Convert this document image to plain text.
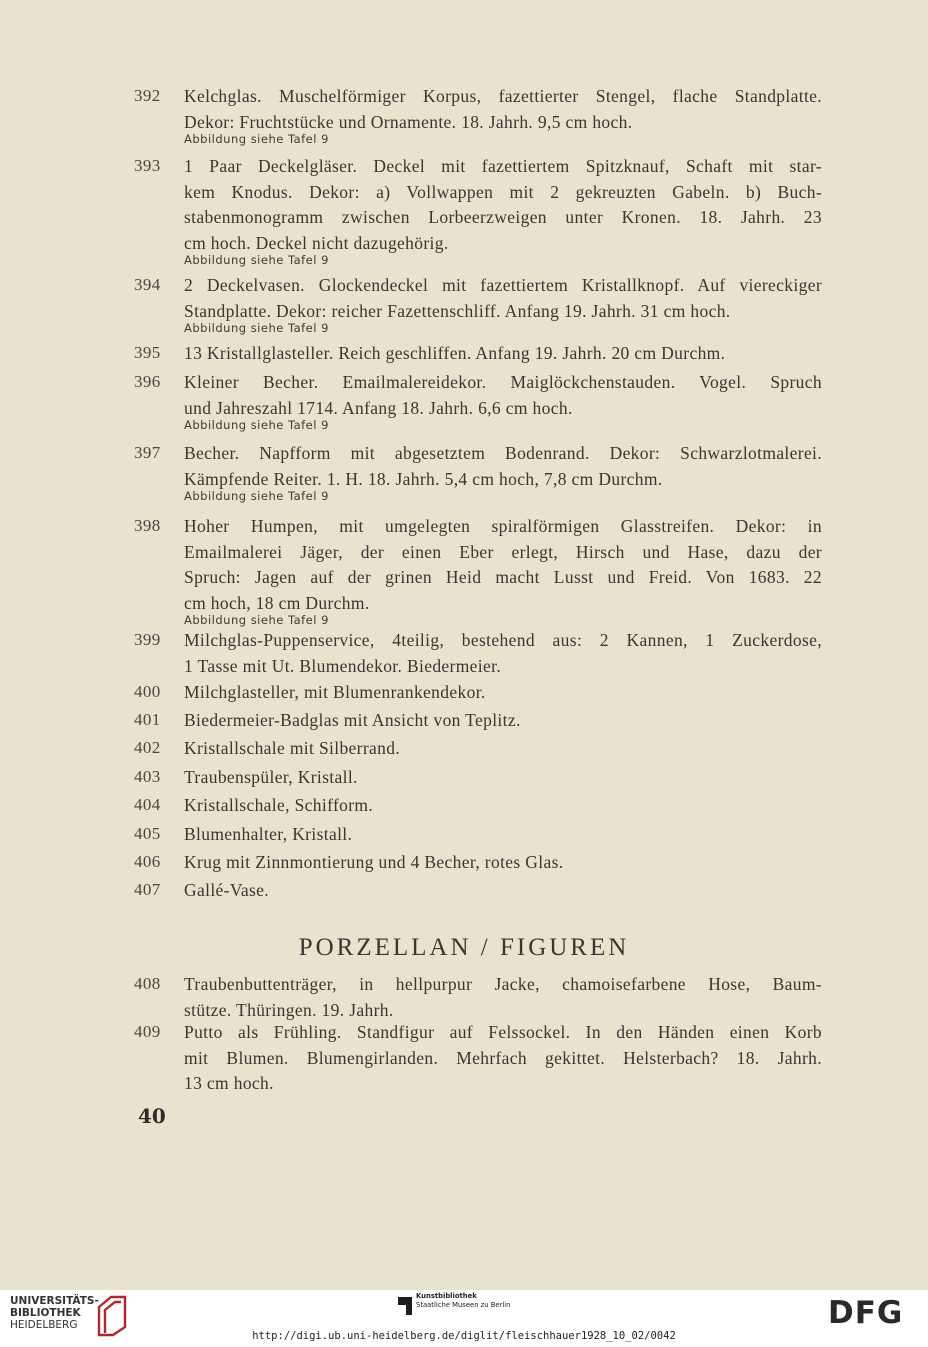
392	Kelchglas. Muschelförmiger Korpus, fazettierter Stengel, flache Standplatte.
Dekor: Fruchtstücke und Ornamente. 18. Jahrh. 9,5 cm hoch.
Abbildung siehe Tafel 9
393	1 Paar Deckelgläser. Deckel mit fazettiertem Spitzknauf, Schaft mit star-
kem Knodus. Dekor: a) Vollwappen mit 2 gekreuzten Gabeln. b) Buch-
stabenmonogramm zwischen Lorbeerzweigen unter Kronen. 18. Jahrh. 23
cm hoch. Deckel nicht dazugehörig.
Abbildung siehe Tafel 9
394	2 Deckelvasen. Glockendeckel mit fazettiertem Kristallknopf. Auf viereckiger
Standplatte. Dekor: reicher Fazettenschliff. Anfang 19. Jahrh. 31 cm hoch.
Abbildung siehe Tafel 9
395	13 Kristallglasteller. Reich geschliffen. Anfang 19. Jahrh. 20 cm Durchm.
396	Kleiner Becher. Emailmalereidekor. Maiglöckchenstauden. Vogel. Spruch
und Jahreszahl 1714. Anfang 18. Jahrh. 6,6 cm hoch.
Abbildung siehe Tafel 9
397	Becher. Napfform mit abgesetztem Bodenrand. Dekor: Schwarzlotmalerei.
Kämpfende Reiter. 1. H. 18. Jahrh. 5,4 cm hoch, 7,8 cm Durchm.
Abbildung siehe Tafel 9
398	Hoher Humpen, mit umgelegten spiralförmigen Glasstreifen. Dekor: in
Emailmalerei Jäger, der einen Eber erlegt, Hirsch und Hase, dazu der
Spruch: Jagen auf der grinen Heid macht Lusst und Freid. Von 1683. 22
cm hoch, 18 cm Durchm.
Abbildung siehe Tafel 9
399	Milchglas-Puppenservice, 4teilig, bestehend aus: 2 Kannen, 1 Zuckerdose,
1 Tasse mit Ut. Blumendekor. Biedermeier.
400	Milchglasteller, mit Blumenrankendekor.
401	Biedermeier-Badglas mit Ansicht von Teplitz.
402	Kristallschale mit Silberrand.
403	Traubenspüler, Kristall.
404	Kristallschale, Schifform.
405	Blumenhalter, Kristall.
406	Krug mit Zinnmontierung und 4 Becher, rotes Glas.
407	Gallé-Vase.
408	Traubenbuttenträger, in hellpurpur Jacke, chamoisefarbene Hose, Baum-
stütze. Thüringen. 19. Jahrh.
409	Putto als Frühling. Standfigur auf Felssockel. In den Händen einen Korb
mit Blumen. Blumengirlanden. Mehrfach gekittet. Helsterbach? 18. Jahrh.
13 cm hoch.
PORZELLAN / FIGUREN
40
UNIVERSITÄTS-
BIBLIOTHEK
HEIDELBERG
Kunstbibliothek
Staatliche Museen zu Berlin	DFG
http://digi.ub.uni-heidelberg.de/diglit/fleischhauer1928_10_02/0042
